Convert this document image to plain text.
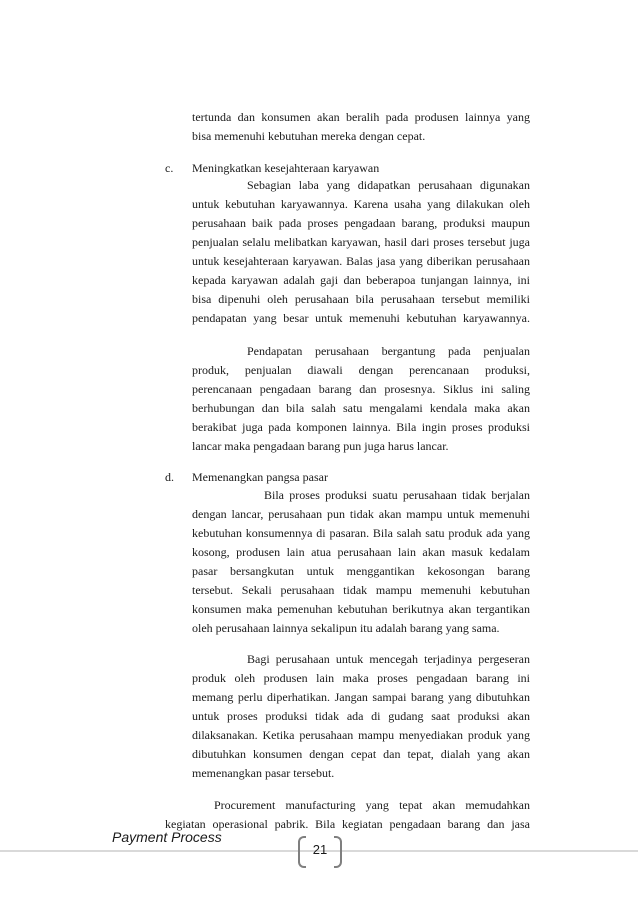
tertunda dan konsumen akan beralih pada produsen lainnya yang
bisa memenuhi kebutuhan mereka dengan cepat.
c. Meningkatkan kesejahteraan karyawan
Sebagian laba yang didapatkan perusahaan digunakan
untuk kebutuhan karyawannya. Karena usaha yang dilakukan oleh
perusahaan baik pada proses pengadaan barang, produksi maupun
penjualan selalu melibatkan karyawan, hasil dari proses tersebut juga
untuk kesejahteraan karyawan. Balas jasa yang diberikan perusahaan
kepada karyawan adalah gaji dan beberapoa tunjangan lainnya, ini
bisa dipenuhi oleh perusahaan bila perusahaan tersebut memiliki
pendapatan yang besar untuk memenuhi kebutuhan karyawannya.
Pendapatan perusahaan bergantung pada penjualan
produk, penjualan diawali dengan perencanaan produksi,
perencanaan pengadaan barang dan prosesnya. Siklus ini saling
berhubungan dan bila salah satu mengalami kendala maka akan
berakibat juga pada komponen lainnya. Bila ingin proses produksi
lancar maka pengadaan barang pun juga harus lancar.
d. Memenangkan pangsa pasar
Bila proses produksi suatu perusahaan tidak berjalan
dengan lancar, perusahaan pun tidak akan mampu untuk memenuhi
kebutuhan konsumennya di pasaran. Bila salah satu produk ada yang
kosong, produsen lain atua perusahaan lain akan masuk kedalam
pasar bersangkutan untuk menggantikan kekosongan barang
tersebut. Sekali perusahaan tidak mampu memenuhi kebutuhan
konsumen maka pemenuhan kebutuhan berikutnya akan tergantikan
oleh perusahaan lainnya sekalipun itu adalah barang yang sama.
Bagi perusahaan untuk mencegah terjadinya pergeseran
produk oleh produsen lain maka proses pengadaan barang ini
memang perlu diperhatikan. Jangan sampai barang yang dibutuhkan
untuk proses produksi tidak ada di gudang saat produksi akan
dilaksanakan. Ketika perusahaan mampu menyediakan produk yang
dibutuhkan konsumen dengan cepat dan tepat, dialah yang akan
memenangkan pasar tersebut.
Procurement manufacturing yang tepat akan memudahkan
kegiatan operasional pabrik. Bila kegiatan pengadaan barang dan jasa
Payment Process
21
